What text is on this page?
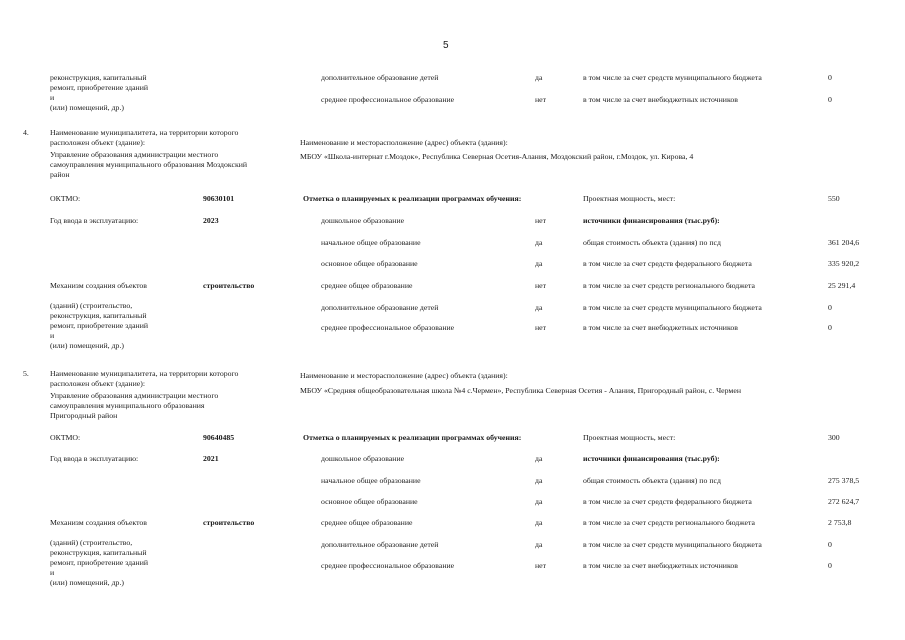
5
реконструкция, капитальный
ремонт, приобретение зданий
и
(или) помещений, др.)
дополнительное образование детей	да	в том числе за счет средств муниципального бюджета	0
среднее профессиональное образование	нет	в том числе за счет внебюджетных источников	0
4.	Наименование муниципалитета, на территории которого
расположен объект (здание):
Управление образования администрации местного
самоуправления муниципального образования Моздокский
район
Наименование и месторасположение (адрес) объекта (здания):
МБОУ «Школа-интернат г.Моздок», Республика Северная Осетия-Алания, Моздокский район, г.Моздок, ул. Кирова, 4
ОКТМО:	90630101	Отметка о планируемых к реализации программах обучения:	Проектная мощность, мест:	550
Год ввода в эксплуатацию:	2023	дошкольное образование	нет	источники финансирования (тыс.руб):
начальное общее образование	да	общая стоимость объекта (здания) по псд	361 204,6
основное общее образование	да	в том числе за счет средств федерального бюджета	335 920,2
Механизм создания объектов	строительство	среднее общее образование	нет	в том числе за счет средств регионального бюджета	25 291,4
(зданий) (строительство,
реконструкция, капитальный
ремонт, приобретение зданий
и
(или) помещений, др.)
дополнительное образование детей	да	в том числе за счет средств муниципального бюджета	0
среднее профессиональное образование	нет	в том числе за счет внебюджетных источников	0
5.	Наименование муниципалитета, на территории которого
расположен объект (здание):
Управление образования администрации местного
самоуправления муниципального образования
Пригородный район
Наименование и месторасположение (адрес) объекта (здания):
МБОУ «Средняя общеобразовательная школа №4 с.Чермен», Республика Северная Осетия - Алания, Пригородный район, с. Чермен
ОКТМО:	90640485	Отметка о планируемых к реализации программах обучения:	Проектная мощность, мест:	300
Год ввода в эксплуатацию:	2021	дошкольное образование	да	источники финансирования (тыс.руб):
начальное общее образование	да	общая стоимость объекта (здания) по псд	275 378,5
основное общее образование	да	в том числе за счет средств федерального бюджета	272 624,7
Механизм создания объектов	строительство	среднее общее образование	да	в том числе за счет средств регионального бюджета	2 753,8
(зданий) (строительство,
реконструкция, капитальный
ремонт, приобретение зданий
и
(или) помещений, др.)
дополнительное образование детей	да	в том числе за счет средств муниципального бюджета	0
среднее профессиональное образование	нет	в том числе за счет внебюджетных источников	0
